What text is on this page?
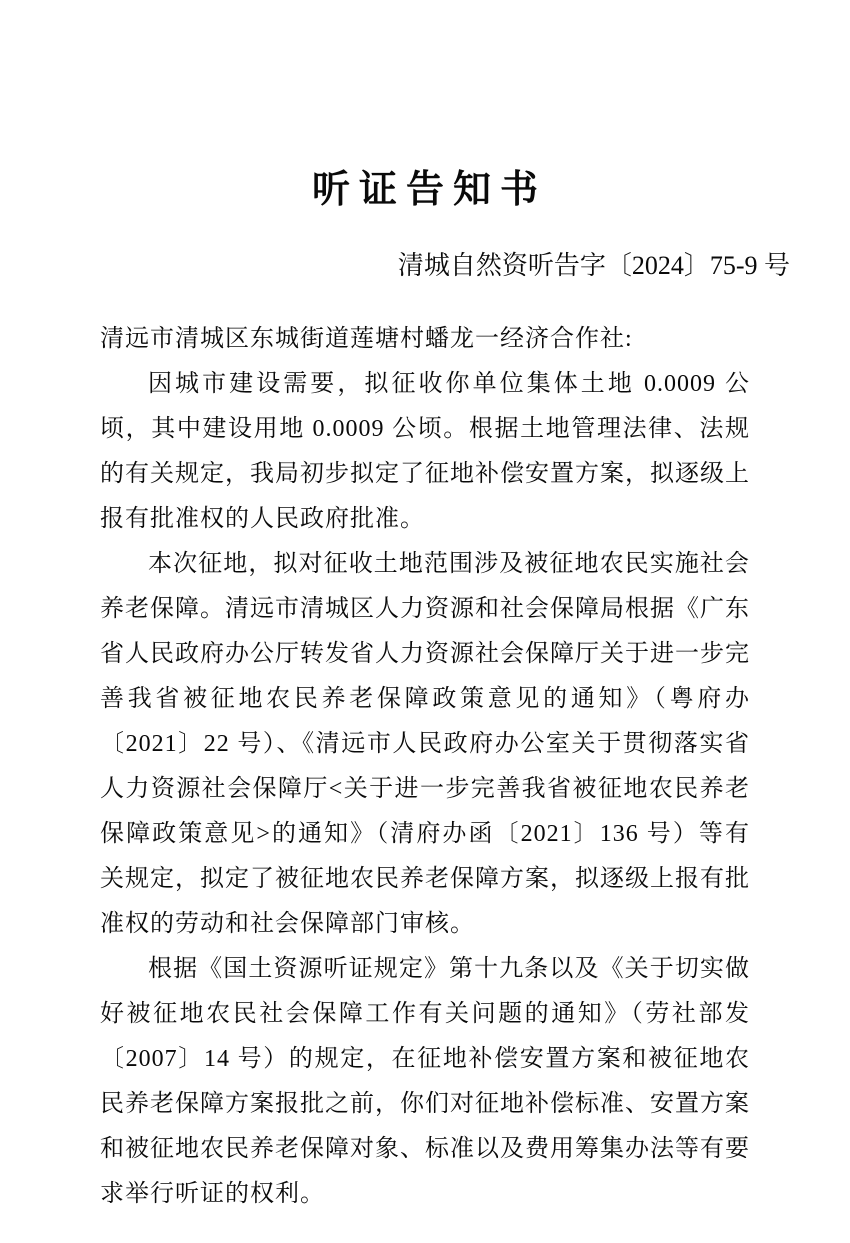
听证告知书
清城自然资听告字〔2024〕75-9 号

清远市清城区东城街道莲塘村蟠龙一经济合作社:

因城市建设需要，拟征收你单位集体土地 0.0009 公顷，其中建设用地 0.0009 公顷。根据土地管理法律、法规的有关规定，我局初步拟定了征地补偿安置方案，拟逐级上报有批准权的人民政府批准。

本次征地，拟对征收土地范围涉及被征地农民实施社会养老保障。清远市清城区人力资源和社会保障局根据《广东省人民政府办公厅转发省人力资源社会保障厅关于进一步完善我省被征地农民养老保障政策意见的通知》（粤府办〔2021〕22 号）、《清远市人民政府办公室关于贯彻落实省人力资源社会保障厅<关于进一步完善我省被征地农民养老保障政策意见>的通知》（清府办函〔2021〕136 号）等有关规定，拟定了被征地农民养老保障方案，拟逐级上报有批准权的劳动和社会保障部门审核。

根据《国土资源听证规定》第十九条以及《关于切实做好被征地农民社会保障工作有关问题的通知》（劳社部发〔2007〕14 号）的规定，在征地补偿安置方案和被征地农民养老保障方案报批之前，你们对征地补偿标准、安置方案和被征地农民养老保障对象、标准以及费用筹集办法等有要求举行听证的权利。
